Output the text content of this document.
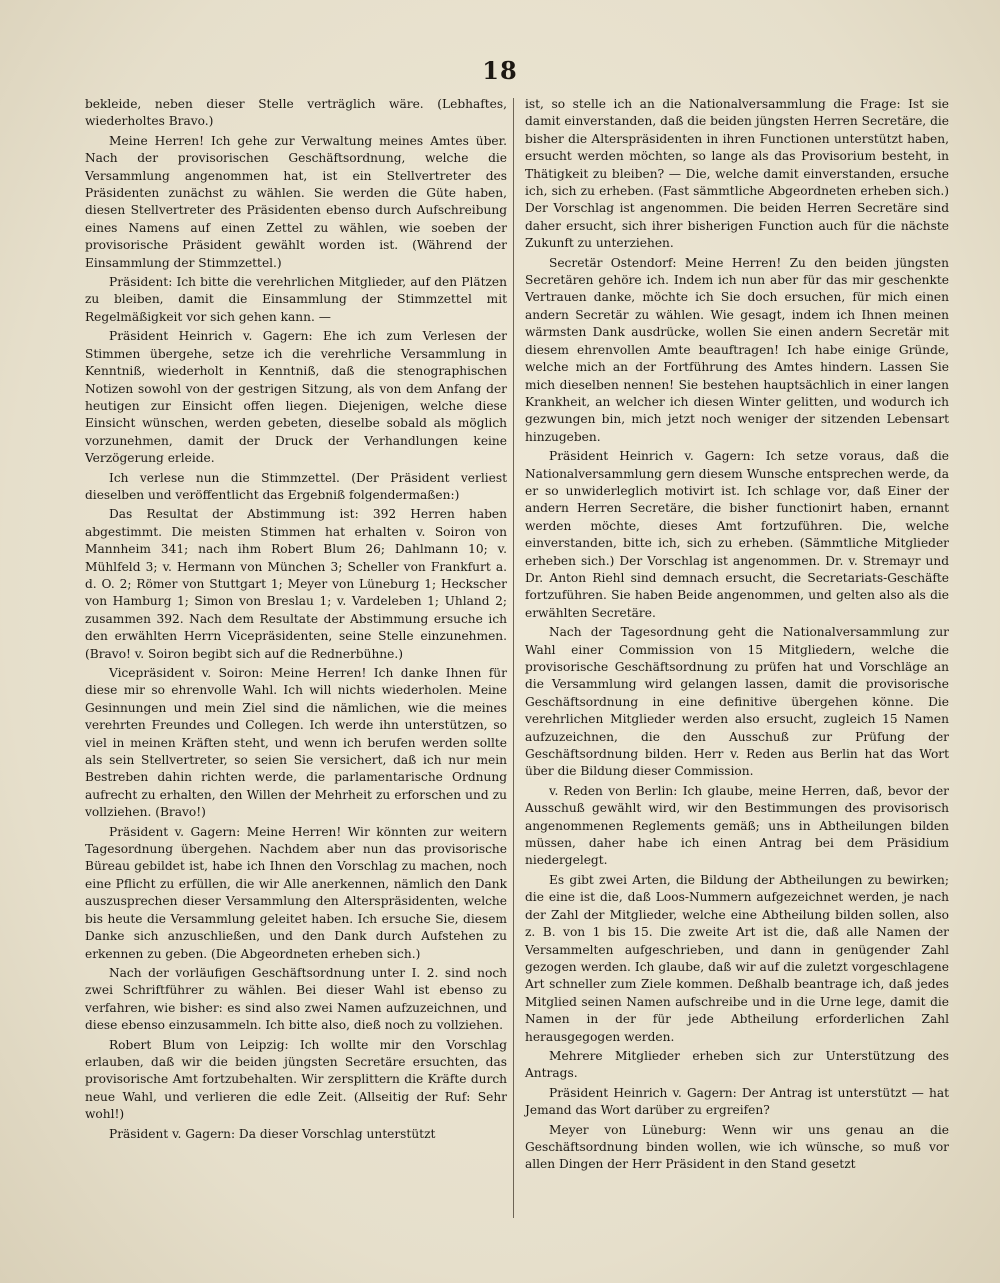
18

bekleide, neben dieser Stelle verträglich wäre. (Lebhaftes, wiederholtes Bravo.)

Meine Herren! Ich gehe zur Verwaltung meines Amtes über. Nach der provisorischen Geschäftsordnung, welche die Versammlung angenommen hat, ist ein Stellvertreter des Präsidenten zunächst zu wählen. Sie werden die Güte haben, diesen Stellvertreter des Präsidenten ebenso durch Aufschreibung eines Namens auf einen Zettel zu wählen, wie soeben der provisorische Präsident gewählt worden ist. (Während der Einsammlung der Stimmzettel.)

Präsident: Ich bitte die verehrlichen Mitglieder, auf den Plätzen zu bleiben, damit die Einsammlung der Stimmzettel mit Regelmäßigkeit vor sich gehen kann. —

Präsident Heinrich v. Gagern: Ehe ich zum Verlesen der Stimmen übergehe, setze ich die verehrliche Versammlung in Kenntniß, wiederholt in Kenntniß, daß die stenographischen Notizen sowohl von der gestrigen Sitzung, als von dem Anfang der heutigen zur Einsicht offen liegen. Diejenigen, welche diese Einsicht wünschen, werden gebeten, dieselbe sobald als möglich vorzunehmen, damit der Druck der Verhandlungen keine Verzögerung erleide.

Ich verlese nun die Stimmzettel. (Der Präsident verliest dieselben und veröffentlicht das Ergebniß folgendermaßen:)

Das Resultat der Abstimmung ist: 392 Herren haben abgestimmt. Die meisten Stimmen hat erhalten v. Soiron von Mannheim 341; nach ihm Robert Blum 26; Dahlmann 10; v. Mühlfeld 3; v. Hermann von München 3; Scheller von Frankfurt a. d. O. 2; Römer von Stuttgart 1; Meyer von Lüneburg 1; Heckscher von Hamburg 1; Simon von Breslau 1; v. Vardeleben 1; Uhland 2; zusammen 392. Nach dem Resultate der Abstimmung ersuche ich den erwählten Herrn Vicepräsidenten, seine Stelle einzunehmen. (Bravo! v. Soiron begibt sich auf die Rednerbühne.)

Vicepräsident v. Soiron: Meine Herren! Ich danke Ihnen für diese mir so ehrenvolle Wahl. Ich will nichts wiederholen. Meine Gesinnungen und mein Ziel sind die nämlichen, wie die meines verehrten Freundes und Collegen. Ich werde ihn unterstützen, so viel in meinen Kräften steht, und wenn ich berufen werden sollte als sein Stellvertreter, so seien Sie versichert, daß ich nur mein Bestreben dahin richten werde, die parlamentarische Ordnung aufrecht zu erhalten, den Willen der Mehrheit zu erforschen und zu vollziehen. (Bravo!)

Präsident v. Gagern: Meine Herren! Wir könnten zur weitern Tagesordnung übergehen. Nachdem aber nun das provisorische Büreau gebildet ist, habe ich Ihnen den Vorschlag zu machen, noch eine Pflicht zu erfüllen, die wir Alle anerkennen, nämlich den Dank auszusprechen dieser Versammlung den Alterspräsidenten, welche bis heute die Versammlung geleitet haben. Ich ersuche Sie, diesem Danke sich anzuschließen, und den Dank durch Aufstehen zu erkennen zu geben. (Die Abgeordneten erheben sich.)

Nach der vorläufigen Geschäftsordnung unter I. 2. sind noch zwei Schriftführer zu wählen. Bei dieser Wahl ist ebenso zu verfahren, wie bisher: es sind also zwei Namen aufzuzeichnen, und diese ebenso einzusammeln. Ich bitte also, dieß noch zu vollziehen.

Robert Blum von Leipzig: Ich wollte mir den Vorschlag erlauben, daß wir die beiden jüngsten Secretäre ersuchten, das provisorische Amt fortzubehalten. Wir zersplittern die Kräfte durch neue Wahl, und verlieren die edle Zeit. (Allseitig der Ruf: Sehr wohl!)

Präsident v. Gagern: Da dieser Vorschlag unterstützt

ist, so stelle ich an die Nationalversammlung die Frage: Ist sie damit einverstanden, daß die beiden jüngsten Herren Secretäre, die bisher die Alterspräsidenten in ihren Functionen unterstützt haben, ersucht werden möchten, so lange als das Provisorium besteht, in Thätigkeit zu bleiben? — Die, welche damit einverstanden, ersuche ich, sich zu erheben. (Fast sämmtliche Abgeordneten erheben sich.) Der Vorschlag ist angenommen. Die beiden Herren Secretäre sind daher ersucht, sich ihrer bisherigen Function auch für die nächste Zukunft zu unterziehen.

Secretär Ostendorf: Meine Herren! Zu den beiden jüngsten Secretären gehöre ich. Indem ich nun aber für das mir geschenkte Vertrauen danke, möchte ich Sie doch ersuchen, für mich einen andern Secretär zu wählen. Wie gesagt, indem ich Ihnen meinen wärmsten Dank ausdrücke, wollen Sie einen andern Secretär mit diesem ehrenvollen Amte beauftragen! Ich habe einige Gründe, welche mich an der Fortführung des Amtes hindern. Lassen Sie mich dieselben nennen! Sie bestehen hauptsächlich in einer langen Krankheit, an welcher ich diesen Winter gelitten, und wodurch ich gezwungen bin, mich jetzt noch weniger der sitzenden Lebensart hinzugeben.

Präsident Heinrich v. Gagern: Ich setze voraus, daß die Nationalversammlung gern diesem Wunsche entsprechen werde, da er so unwiderleglich motivirt ist. Ich schlage vor, daß Einer der andern Herren Secretäre, die bisher functionirt haben, ernannt werden möchte, dieses Amt fortzuführen. Die, welche einverstanden, bitte ich, sich zu erheben. (Sämmtliche Mitglieder erheben sich.) Der Vorschlag ist angenommen. Dr. v. Stremayr und Dr. Anton Riehl sind demnach ersucht, die Secretariats-Geschäfte fortzuführen. Sie haben Beide angenommen, und gelten also als die erwählten Secretäre.

Nach der Tagesordnung geht die Nationalversammlung zur Wahl einer Commission von 15 Mitgliedern, welche die provisorische Geschäftsordnung zu prüfen hat und Vorschläge an die Versammlung wird gelangen lassen, damit die provisorische Geschäftsordnung in eine definitive übergehen könne. Die verehrlichen Mitglieder werden also ersucht, zugleich 15 Namen aufzuzeichnen, die den Ausschuß zur Prüfung der Geschäftsordnung bilden. Herr v. Reden aus Berlin hat das Wort über die Bildung dieser Commission.

v. Reden von Berlin: Ich glaube, meine Herren, daß, bevor der Ausschuß gewählt wird, wir den Bestimmungen des provisorisch angenommenen Reglements gemäß; uns in Abtheilungen bilden müssen, daher habe ich einen Antrag bei dem Präsidium niedergelegt.

Es gibt zwei Arten, die Bildung der Abtheilungen zu bewirken; die eine ist die, daß Loos-Nummern aufgezeichnet werden, je nach der Zahl der Mitglieder, welche eine Abtheilung bilden sollen, also z. B. von 1 bis 15. Die zweite Art ist die, daß alle Namen der Versammelten aufgeschrieben, und dann in genügender Zahl gezogen werden. Ich glaube, daß wir auf die zuletzt vorgeschlagene Art schneller zum Ziele kommen. Deßhalb beantrage ich, daß jedes Mitglied seinen Namen aufschreibe und in die Urne lege, damit die Namen in der für jede Abtheilung erforderlichen Zahl herausgegogen werden.

Mehrere Mitglieder erheben sich zur Unterstützung des Antrags.

Präsident Heinrich v. Gagern: Der Antrag ist unterstützt — hat Jemand das Wort darüber zu ergreifen?

Meyer von Lüneburg: Wenn wir uns genau an die Geschäftsordnung binden wollen, wie ich wünsche, so muß vor allen Dingen der Herr Präsident in den Stand gesetzt
